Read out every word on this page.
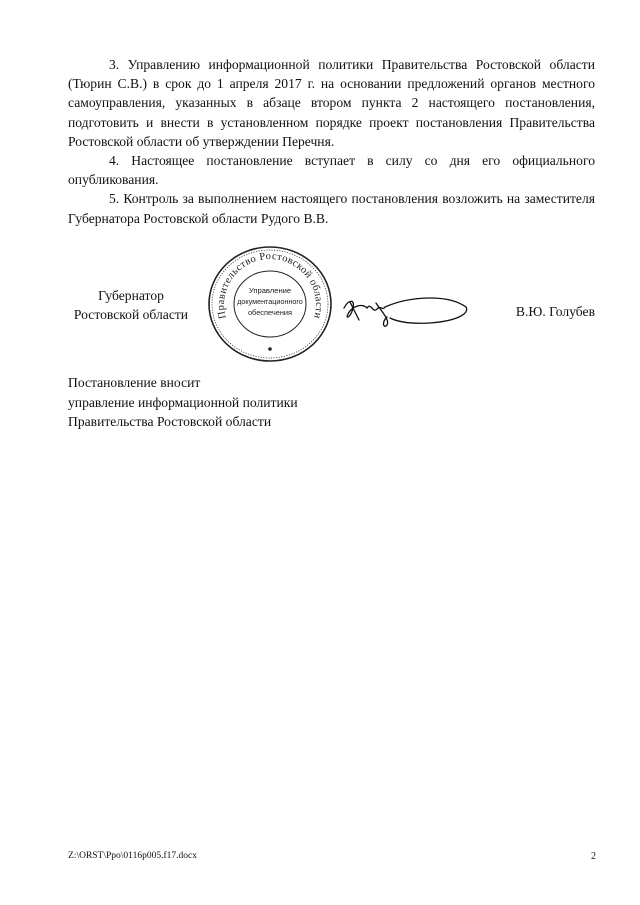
3. Управлению информационной политики Правительства Ростовской области (Тюрин С.В.) в срок до 1 апреля 2017 г. на основании предложений органов местного самоуправления, указанных в абзаце втором пункта 2 настоящего постановления, подготовить и внести в установленном порядке проект постановления Правительства Ростовской области об утверждении Перечня.

4. Настоящее постановление вступает в силу со дня его официального опубликования.

5. Контроль за выполнением настоящего постановления возложить на заместителя Губернатора Ростовской области Рудого В.В.

Губернатор
Ростовской области	Правительство Ростовской области
Управление
документационного
обеспечения	В.Ю. Голубев
Постановление вносит
управление информационной политики
Правительства Ростовской области
Z:\ORST\Ppo\0116p005.f17.docx	2
